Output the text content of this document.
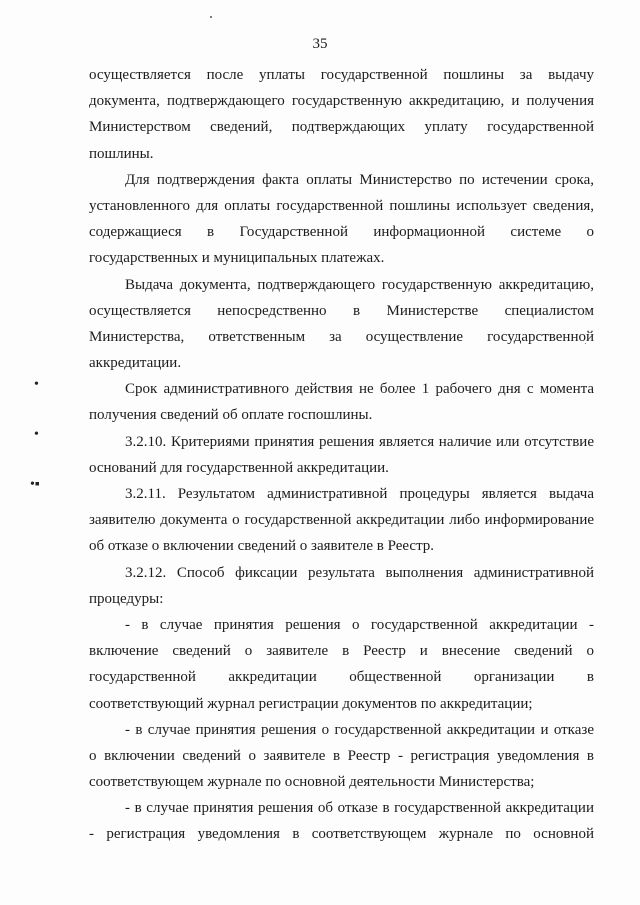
35
•
•
•▪
осуществляется после уплаты государственной пошлины за выдачу
документа, подтверждающего государственную аккредитацию, и получения
Министерством сведений, подтверждающих уплату государственной
пошлины.
Для подтверждения факта оплаты Министерство по истечении срока,
установленного для оплаты государственной пошлины использует сведения,
содержащиеся в Государственной информационной системе о
государственных и муниципальных платежах.
Выдача документа, подтверждающего государственную аккредитацию,
осуществляется непосредственно в Министерстве специалистом
Министерства, ответственным за осуществление государственной
аккредитации.
Срок административного действия не более 1 рабочего дня с момента
получения сведений об оплате госпошлины.
3.2.10. Критериями принятия решения является наличие или отсутствие
оснований для государственной аккредитации.
3.2.11. Результатом административной процедуры является выдача
заявителю документа о государственной аккредитации либо информирование
об отказе о включении сведений о заявителе в Реестр.
3.2.12. Способ фиксации результата выполнения административной
процедуры:
- в случае принятия решения о государственной аккредитации -
включение сведений о заявителе в Реестр и внесение сведений о
государственной аккредитации общественной организации в
соответствующий журнал регистрации документов по аккредитации;
- в случае принятия решения о государственной аккредитации и отказе
о включении сведений о заявителе в Реестр - регистрация уведомления в
соответствующем журнале по основной деятельности Министерства;
- в случае принятия решения об отказе в государственной аккредитации
- регистрация уведомления в соответствующем журнале по основной
